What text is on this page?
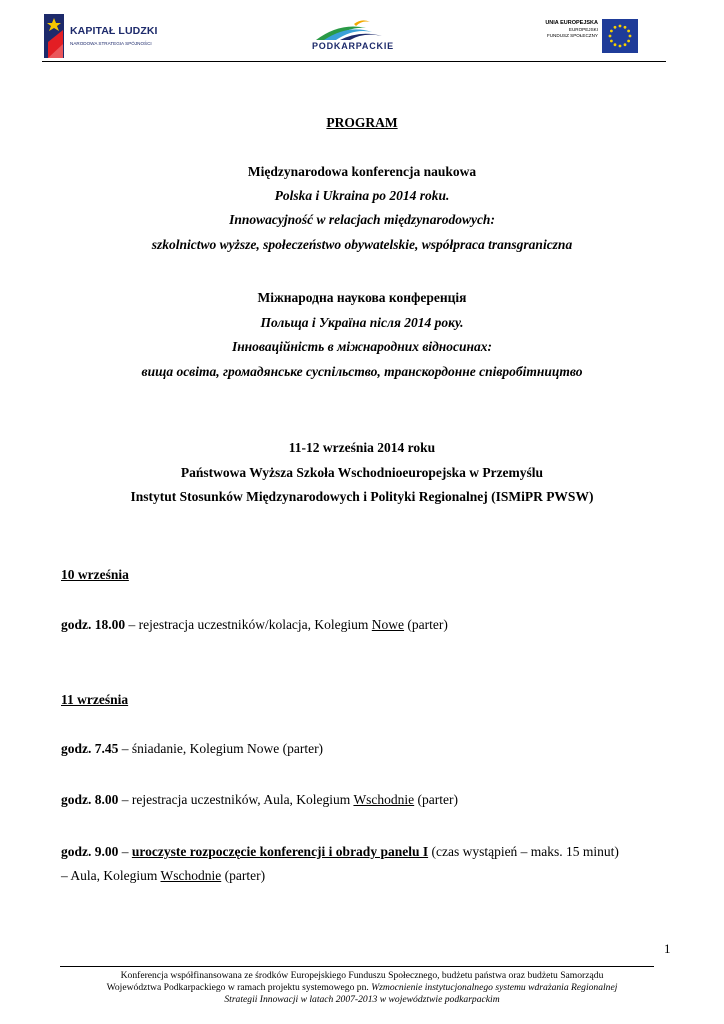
KAPITAŁ LUDZKI
NARODOWA STRATEGIA SPÓJNOŚCI	PODKARPACKIE
UNIA EUROPEJSKA
EUROPEJSKI
FUNDUSZ SPOŁECZNY
PROGRAM
Międzynarodowa konferencja naukowa
Polska i Ukraina po 2014 roku.
Innowacyjność w relacjach międzynarodowych:
szkolnictwo wyższe, społeczeństwo obywatelskie, współpraca transgraniczna
Міжнародна наукова конференція
Польща і Україна після 2014 року.
Інноваційність в міжнародних відносинах:
вища освіта, громадянське суспільство, транскордонне співробітництво
11-12 września 2014 roku
Państwowa Wyższa Szkoła Wschodnioeuropejska w Przemyślu
Instytut Stosunków Międzynarodowych i Polityki Regionalnej (ISMiPR PWSW)
10 września
godz. 18.00 – rejestracja uczestników/kolacja, Kolegium Nowe (parter)
11 września
godz. 7.45 – śniadanie, Kolegium Nowe (parter)
godz. 8.00 – rejestracja uczestników, Aula, Kolegium Wschodnie (parter)
godz. 9.00 – uroczyste rozpoczęcie konferencji i obrady panelu I (czas wystąpień – maks. 15 minut)
– Aula, Kolegium Wschodnie (parter)
1
Konferencja współfinansowana ze środków Europejskiego Funduszu Społecznego, budżetu państwa oraz budżetu Samorządu
Województwa Podkarpackiego w ramach projektu systemowego pn. Wzmocnienie instytucjonalnego systemu wdrażania Regionalnej
Strategii Innowacji w latach 2007-2013 w województwie podkarpackim
